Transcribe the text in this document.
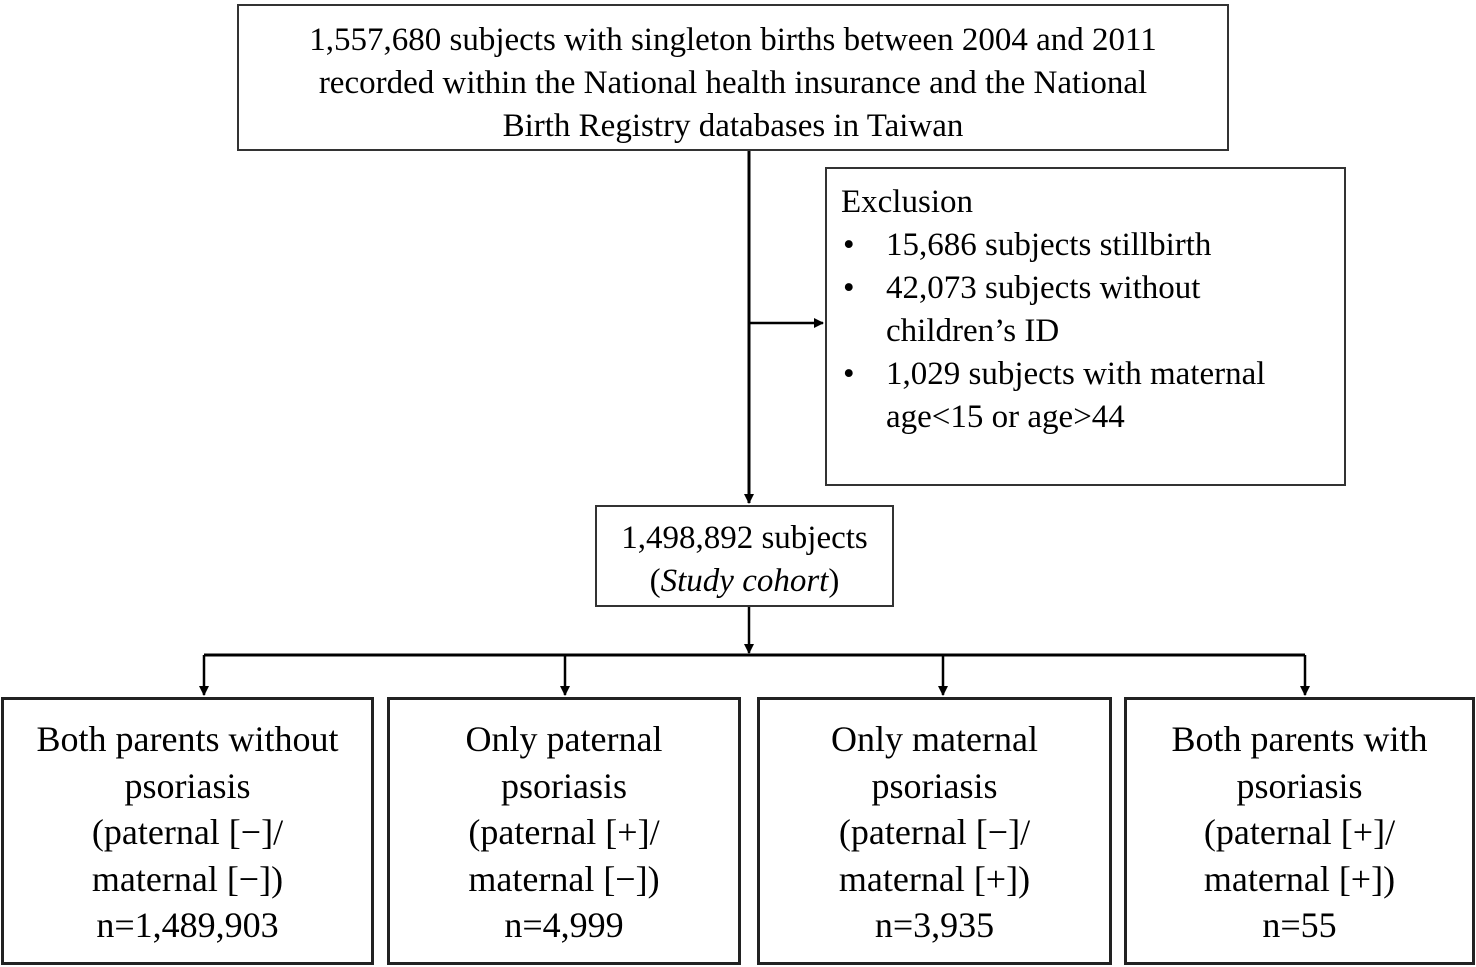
1,557,680 subjects with singleton births between 2004 and 2011
recorded within the National health insurance and the National
Birth Registry databases in Taiwan
Exclusion
• 15,686 subjects stillbirth
• 42,073 subjects without
children’s ID
• 1,029 subjects with maternal
age<15 or age>44
1,498,892 subjects
(Study cohort)
Both parents without
psoriasis
(paternal [−]/
maternal [−])
n=1,489,903
Only paternal
psoriasis
(paternal [+]/
maternal [−])
n=4,999
Only maternal
psoriasis
(paternal [−]/
maternal [+])
n=3,935
Both parents with
psoriasis
(paternal [+]/
maternal [+])
n=55
